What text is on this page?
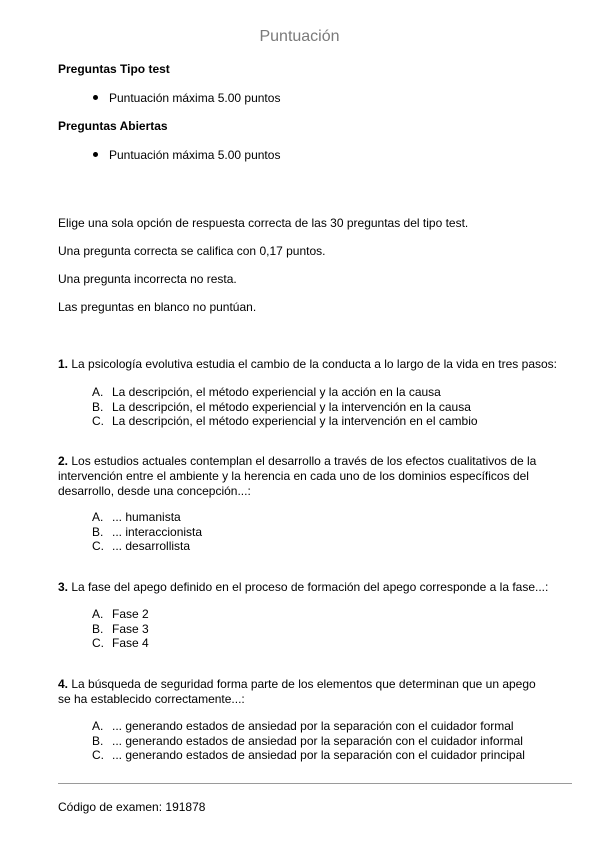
Puntuación
Preguntas Tipo test
Puntuación máxima 5.00 puntos
Preguntas Abiertas
Puntuación máxima 5.00 puntos
Elige una sola opción de respuesta correcta de las 30 preguntas del tipo test.
Una pregunta correcta se califica con 0,17 puntos.
Una pregunta incorrecta no resta.
Las preguntas en blanco no puntúan.
1. La psicología evolutiva estudia el cambio de la conducta a lo largo de la vida en tres pasos:
A. La descripción, el método experiencial y la acción en la causa
B. La descripción, el método experiencial y la intervención en la causa
C. La descripción, el método experiencial y la intervención en el cambio
2. Los estudios actuales contemplan el desarrollo a través de los efectos cualitativos de la intervención entre el ambiente y la herencia en cada uno de los dominios específicos del desarrollo, desde una concepción...:
A. ... humanista
B. ... interaccionista
C. ... desarrollista
3. La fase del apego definido en el proceso de formación del apego corresponde a la fase...:
A. Fase 2
B. Fase 3
C. Fase 4
4. La búsqueda de seguridad forma parte de los elementos que determinan que un apego se ha establecido correctamente...:
A. ... generando estados de ansiedad por la separación con el cuidador formal
B. ... generando estados de ansiedad por la separación con el cuidador informal
C. ... generando estados de ansiedad por la separación con el cuidador principal
Código de examen: 191878
